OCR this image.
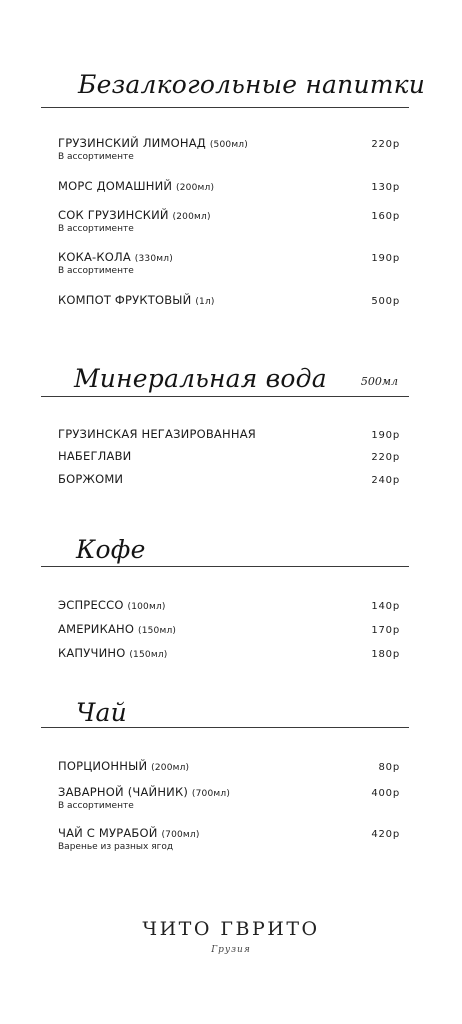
Безалкогольные напитки
ГРУЗИНСКИЙ ЛИМОНАД (500мл)	220р
В ассортименте
МОРС ДОМАШНИЙ (200мл)	130р
СОК ГРУЗИНСКИЙ (200мл)	160р
В ассортименте
КОКА-КОЛА (330мл)	190р
В ассортименте
КОМПОТ ФРУКТОВЫЙ (1л)	500р
Минеральная вода	500мл
ГРУЗИНСКАЯ НЕГАЗИРОВАННАЯ	190р
НАБЕГЛАВИ	220р
БОРЖОМИ	240р
Кофе
ЭСПРЕССО (100мл)	140р
АМЕРИКАНО (150мл)	170р
КАПУЧИНО (150мл)	180р
Чай
ПОРЦИОННЫЙ (200мл)	80р
ЗАВАРНОЙ (ЧАЙНИК) (700мл)	400р
В ассортименте
ЧАЙ С МУРАБОЙ (700мл)	420р
Варенье из разных ягод
ЧИТО ГВРИТО
Грузия
